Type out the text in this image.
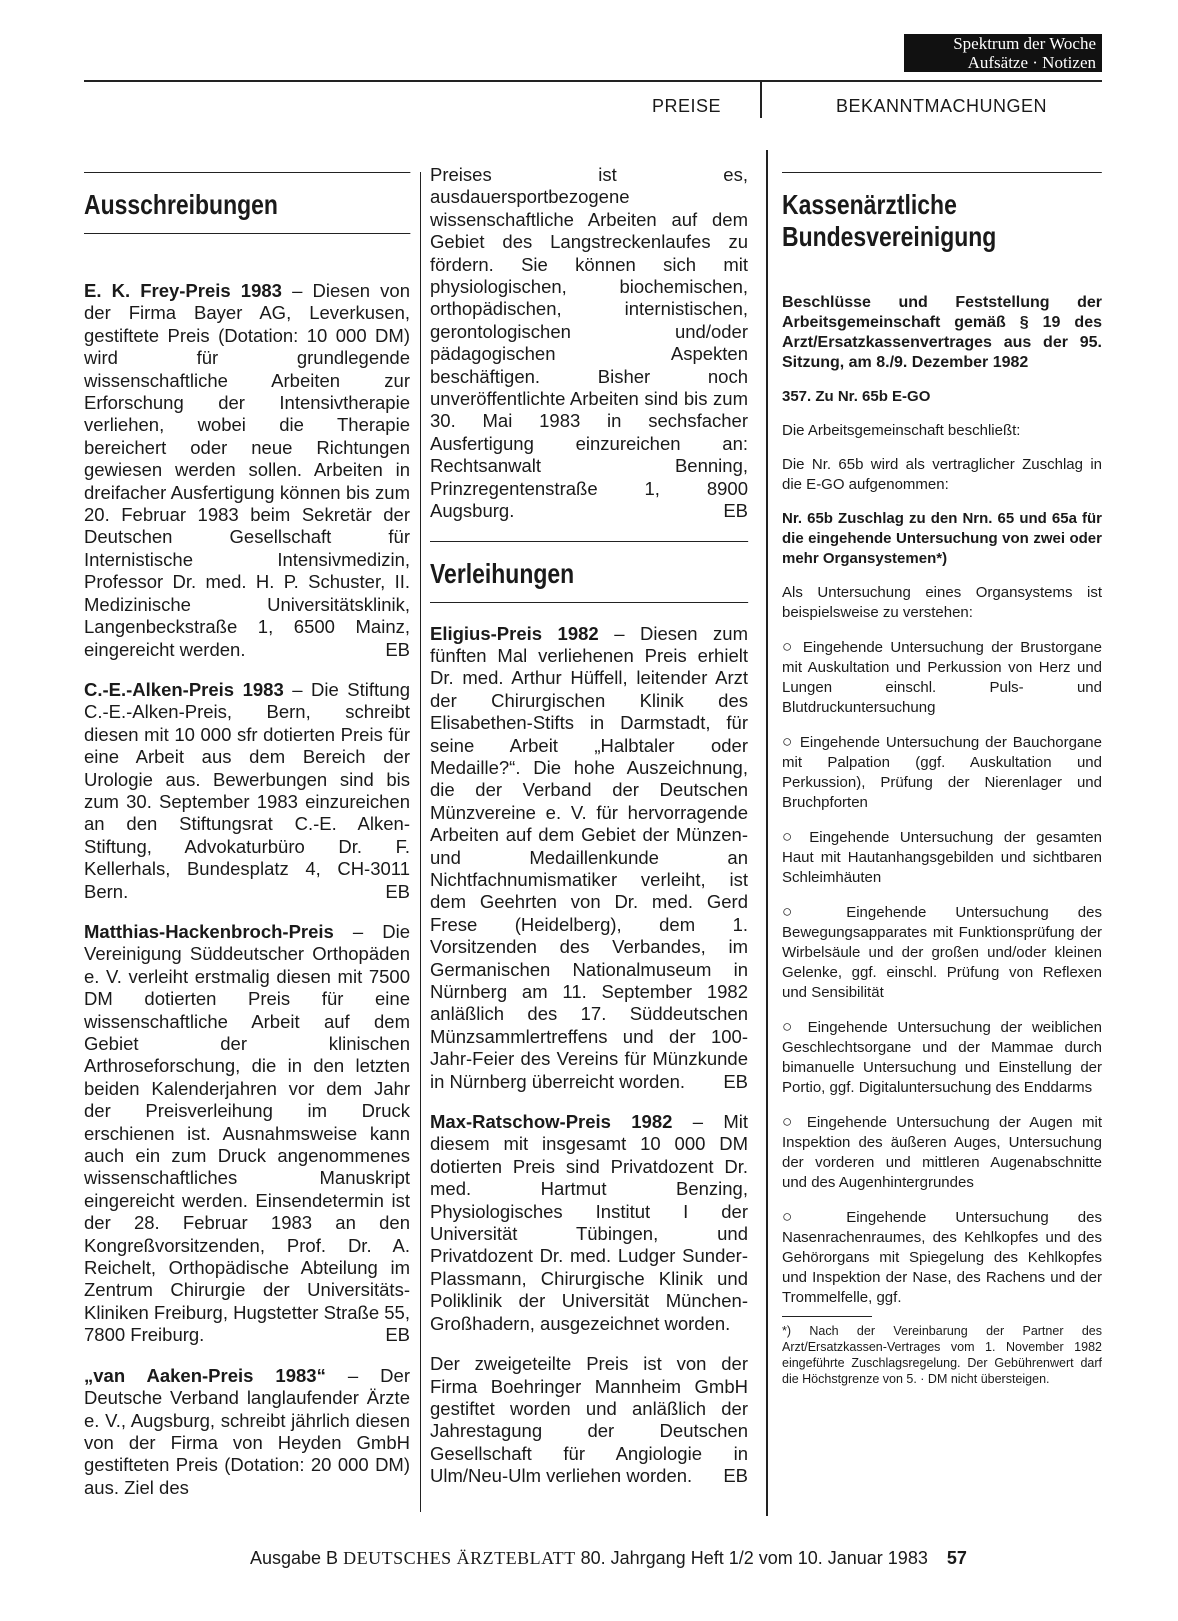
Spektrum der Woche
Aufsätze · Notizen
PREISE	BEKANNTMACHUNGEN
Ausschreibungen

E. K. Frey-Preis 1983 – Diesen von der Firma Bayer AG, Leverkusen, gestiftete Preis (Dotation: 10 000 DM) wird für grundlegende wissenschaftliche Arbeiten zur Erforschung der Intensivtherapie verliehen, wobei die Therapie bereichert oder neue Richtungen gewiesen werden sollen. Arbeiten in dreifacher Ausfertigung können bis zum 20. Februar 1983 beim Sekretär der Deutschen Gesellschaft für Internistische Intensivmedizin, Professor Dr. med. H. P. Schuster, II. Medizinische Universitätsklinik, Langenbeckstraße 1, 6500 Mainz, eingereicht werden.	EB

C.-E.-Alken-Preis 1983 – Die Stiftung C.-E.-Alken-Preis, Bern, schreibt diesen mit 10 000 sfr dotierten Preis für eine Arbeit aus dem Bereich der Urologie aus. Bewerbungen sind bis zum 30. September 1983 einzureichen an den Stiftungsrat C.-E. Alken-Stiftung, Advokaturbüro Dr. F. Kellerhals, Bundesplatz 4, CH-3011 Bern.	EB

Matthias-Hackenbroch-Preis – Die Vereinigung Süddeutscher Orthopäden e. V. verleiht erstmalig diesen mit 7500 DM dotierten Preis für eine wissenschaftliche Arbeit auf dem Gebiet der klinischen Arthroseforschung, die in den letzten beiden Kalenderjahren vor dem Jahr der Preisverleihung im Druck erschienen ist. Ausnahmsweise kann auch ein zum Druck angenommenes wissenschaftliches Manuskript eingereicht werden. Einsendetermin ist der 28. Februar 1983 an den Kongreßvorsitzenden, Prof. Dr. A. Reichelt, Orthopädische Abteilung im Zentrum Chirurgie der Universitäts-Kliniken Freiburg, Hugstetter Straße 55, 7800 Freiburg.	EB

„van Aaken-Preis 1983“ – Der Deutsche Verband langlaufender Ärzte e. V., Augsburg, schreibt jährlich diesen von der Firma von Heyden GmbH gestifteten Preis (Dotation: 20 000 DM) aus. Ziel des

Preises ist es, ausdauersportbezogene wissenschaftliche Arbeiten auf dem Gebiet des Langstreckenlaufes zu fördern. Sie können sich mit physiologischen, biochemischen, orthopädischen, internistischen, gerontologischen und/oder pädagogischen Aspekten beschäftigen. Bisher noch unveröffentlichte Arbeiten sind bis zum 30. Mai 1983 in sechsfacher Ausfertigung einzureichen an: Rechtsanwalt Benning, Prinzregentenstraße 1, 8900 Augsburg.	EB

Verleihungen

Eligius-Preis 1982 – Diesen zum fünften Mal verliehenen Preis erhielt Dr. med. Arthur Hüffell, leitender Arzt der Chirurgischen Klinik des Elisabethen-Stifts in Darmstadt, für seine Arbeit „Halbtaler oder Medaille?“. Die hohe Auszeichnung, die der Verband der Deutschen Münzvereine e. V. für hervorragende Arbeiten auf dem Gebiet der Münzen- und Medaillenkunde an Nichtfachnumismatiker verleiht, ist dem Geehrten von Dr. med. Gerd Frese (Heidelberg), dem 1. Vorsitzenden des Verbandes, im Germanischen Nationalmuseum in Nürnberg am 11. September 1982 anläßlich des 17. Süddeutschen Münzsammlertreffens und der 100-Jahr-Feier des Vereins für Münzkunde in Nürnberg überreicht worden. EB

Max-Ratschow-Preis 1982 – Mit diesem mit insgesamt 10 000 DM dotierten Preis sind Privatdozent Dr. med. Hartmut Benzing, Physiologisches Institut I der Universität Tübingen, und Privatdozent Dr. med. Ludger Sunder-Plassmann, Chirurgische Klinik und Poliklinik der Universität München-Großhadern, ausgezeichnet worden.

Der zweigeteilte Preis ist von der Firma Boehringer Mannheim GmbH gestiftet worden und anläßlich der Jahrestagung der Deutschen Gesellschaft für Angiologie in Ulm/Neu-Ulm verliehen worden. EB

Kassenärztliche
Bundesvereinigung

Beschlüsse und Feststellung der Arbeitsgemeinschaft gemäß § 19 des Arzt/Ersatzkassenvertrages aus der 95. Sitzung, am 8./9. Dezember 1982

357. Zu Nr. 65b E-GO

Die Arbeitsgemeinschaft beschließt:

Die Nr. 65b wird als vertraglicher Zuschlag in die E-GO aufgenommen:

Nr. 65b Zuschlag zu den Nrn. 65 und 65a für die eingehende Untersuchung von zwei oder mehr Organsystemen*)

Als Untersuchung eines Organsystems ist beispielsweise zu verstehen:

○ Eingehende Untersuchung der Brustorgane mit Auskultation und Perkussion von Herz und Lungen einschl. Puls- und Blutdruckuntersuchung
○ Eingehende Untersuchung der Bauchorgane mit Palpation (ggf. Auskultation und Perkussion), Prüfung der Nierenlager und Bruchpforten
○ Eingehende Untersuchung der gesamten Haut mit Hautanhangsgebilden und sichtbaren Schleimhäuten
○ Eingehende Untersuchung des Bewegungsapparates mit Funktionsprüfung der Wirbelsäule und der großen und/oder kleinen Gelenke, ggf. einschl. Prüfung von Reflexen und Sensibilität
○ Eingehende Untersuchung der weiblichen Geschlechtsorgane und der Mammae durch bimanuelle Untersuchung und Einstellung der Portio, ggf. Digitaluntersuchung des Enddarms
○ Eingehende Untersuchung der Augen mit Inspektion des äußeren Auges, Untersuchung der vorderen und mittleren Augenabschnitte und des Augenhintergrundes
○ Eingehende Untersuchung des Nasenrachenraumes, des Kehlkopfes und des Gehörorgans mit Spiegelung des Kehlkopfes und Inspektion der Nase, des Rachens und der Trommelfelle, ggf.
*) Nach der Vereinbarung der Partner des Arzt/Ersatzkassen-Vertrages vom 1. November 1982 eingeführte Zuschlagsregelung. Der Gebührenwert darf die Höchstgrenze von 5. · DM nicht übersteigen.
Ausgabe B DEUTSCHES ÄRZTEBLATT 80. Jahrgang Heft 1/2 vom 10. Januar 1983 57
